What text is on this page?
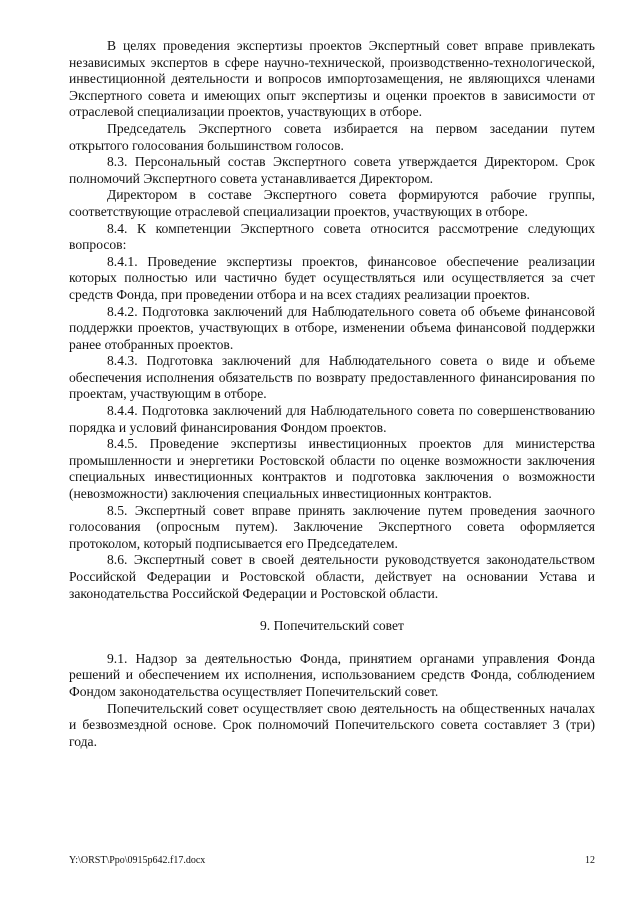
В целях проведения экспертизы проектов Экспертный совет вправе привлекать независимых экспертов в сфере научно-технической, производственно-технологической, инвестиционной деятельности и вопросов импортозамещения, не являющихся членами Экспертного совета и имеющих опыт экспертизы и оценки проектов в зависимости от отраслевой специализации проектов, участвующих в отборе.

Председатель Экспертного совета избирается на первом заседании путем открытого голосования большинством голосов.

8.3. Персональный состав Экспертного совета утверждается Директором. Срок полномочий Экспертного совета устанавливается Директором.

Директором в составе Экспертного совета формируются рабочие группы, соответствующие отраслевой специализации проектов, участвующих в отборе.

8.4. К компетенции Экспертного совета относится рассмотрение следующих вопросов:

8.4.1. Проведение экспертизы проектов, финансовое обеспечение реализации которых полностью или частично будет осуществляться или осуществляется за счет средств Фонда, при проведении отбора и на всех стадиях реализации проектов.

8.4.2. Подготовка заключений для Наблюдательного совета об объеме финансовой поддержки проектов, участвующих в отборе, изменении объема финансовой поддержки ранее отобранных проектов.

8.4.3. Подготовка заключений для Наблюдательного совета о виде и объеме обеспечения исполнения обязательств по возврату предоставленного финансирования по проектам, участвующим в отборе.

8.4.4. Подготовка заключений для Наблюдательного совета по совершенствованию порядка и условий финансирования Фондом проектов.

8.4.5. Проведение экспертизы инвестиционных проектов для министерства промышленности и энергетики Ростовской области по оценке возможности заключения специальных инвестиционных контрактов и подготовка заключения о возможности (невозможности) заключения специальных инвестиционных контрактов.

8.5. Экспертный совет вправе принять заключение путем проведения заочного голосования (опросным путем). Заключение Экспертного совета оформляется протоколом, который подписывается его Председателем.

8.6. Экспертный совет в своей деятельности руководствуется законодательством Российской Федерации и Ростовской области, действует на основании Устава и законодательства Российской Федерации и Ростовской области.

9. Попечительский совет

9.1. Надзор за деятельностью Фонда, принятием органами управления Фонда решений и обеспечением их исполнения, использованием средств Фонда, соблюдением Фондом законодательства осуществляет Попечительский совет.

Попечительский совет осуществляет свою деятельность на общественных началах и безвозмездной основе. Срок полномочий Попечительского совета составляет 3 (три) года.

Y:\ORST\Ppo\0915p642.f17.docx	12
